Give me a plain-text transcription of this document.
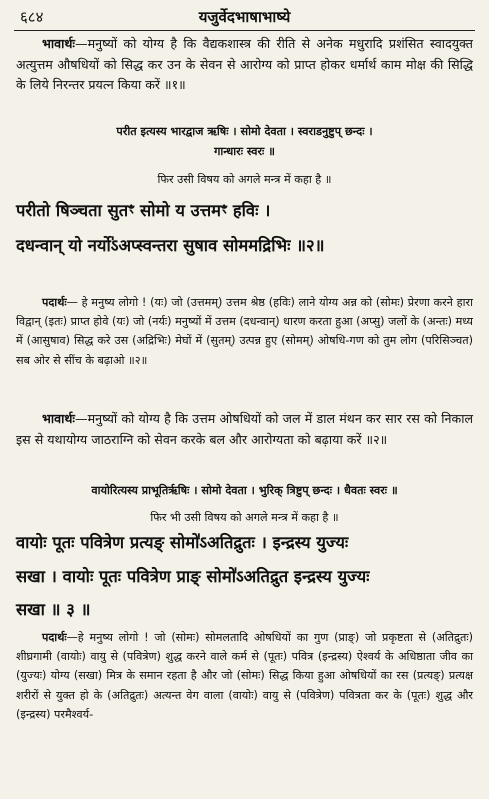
६८४	यजुर्वेदभाषाभाष्ये

भावार्थः—मनुष्यों को योग्य है कि वैद्यकशास्त्र की रीति से अनेक मधुरादि प्रशंसित स्वादयुक्त अत्युत्तम औषधियों को सिद्ध कर उन के सेवन से आरोग्य को प्राप्त होकर धर्मार्थ काम मोक्ष की सिद्धि के लिये निरन्तर प्रयत्न किया करें ॥१॥

परीत इत्यस्य भारद्वाज ऋषिः । सोमो देवता । स्वराडनुष्टुप् छन्दः ।
गान्धारः स्वरः ॥
फिर उसी विषय को अगले मन्त्र में कहा है ॥
परीतो षिञ्चता सुतꣳ सोमो य उत्तमꣳ हविः ।
दधन्वान् यो नर्यो॑ऽअप्स्वन्तरा सुषाव सोममद्रिभिः ॥२॥

पदार्थः— हे मनुष्य लोगो ! (यः) जो (उत्तमम्) उत्तम श्रेष्ठ (हविः) लाने योग्य अन्न को (सोमः) प्रेरणा करने हारा विद्वान् (इतः) प्राप्त होवे (यः) जो (नर्यः) मनुष्यों में उत्तम (दधन्वान्) धारण करता हुआ (अप्सु) जलों के (अन्तः) मध्य में (आसुषाव) सिद्ध करे उस (अद्रिभिः) मेघों में (सुतम्) उत्पन्न हुए (सोमम्) ओषधि-गण को तुम लोग (परिसिञ्चत) सब ओर से सींच के बढ़ाओ ॥२॥

भावार्थः—मनुष्यों को योग्य है कि उत्तम ओषधियों को जल में डाल मंथन कर सार रस को निकाल इस से यथायोग्य जाठराग्नि को सेवन करके बल और आरोग्यता को बढ़ाया करें ॥२॥

वायोरित्यस्य प्राभूतिर्ऋषिः । सोमो देवता । भुरिक् त्रिष्टुप् छन्दः । धैवतः स्वरः ॥
फिर भी उसी विषय को अगले मन्त्र में कहा है ॥
वायोः पूतः पवित्रेण प्रत्यङ् सोमो॑ऽअतिद्रुतः । इन्द्रस्य युज्यः
सखा । वायोः पूतः पवित्रेण प्राङ् सोमो॑ऽअतिद्रुत इन्द्रस्य युज्यः
सखा ॥ ३ ॥

पदार्थः—हे मनुष्य लोगो ! जो (सोमः) सोमलतादि ओषधियों का गुण (प्राङ्) जो प्रकृष्टता से (अतिद्रुतः) शीघ्रगामी (वायोः) वायु से (पवित्रेण) शुद्ध करने वाले कर्म से (पूतः) पवित्र (इन्द्रस्य) ऐश्वर्य के अधिष्ठाता जीव का (युज्यः) योग्य (सखा) मित्र के समान रहता है और जो (सोमः) सिद्ध किया हुआ ओषधियों का रस (प्रत्यङ्) प्रत्यक्ष शरीरों से युक्त हो के (अतिद्रुतः) अत्यन्त वेग वाला (वायोः) वायु से (पवित्रेण) पवित्रता कर के (पूतः) शुद्ध और (इन्द्रस्य) परमैश्वर्य-
